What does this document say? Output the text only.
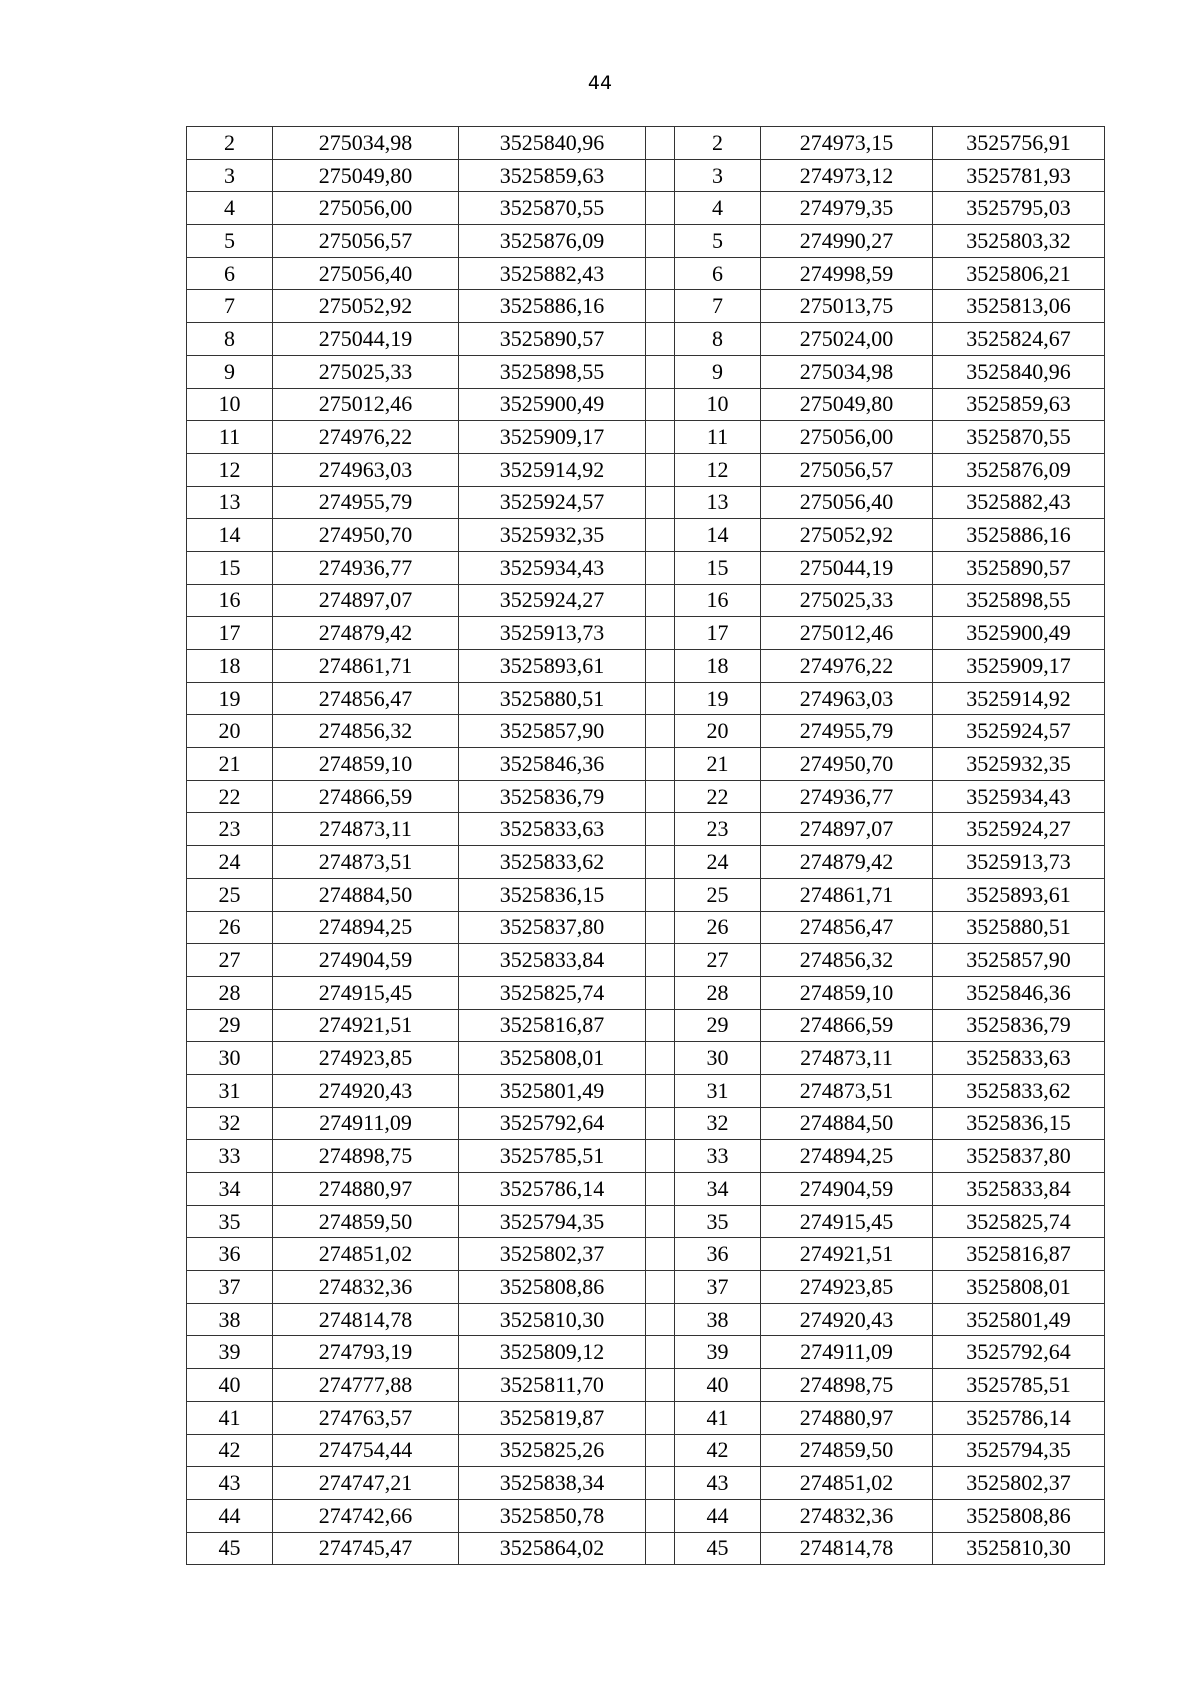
44
2	275034,98	3525840,96		2	274973,15	3525756,91
3	275049,80	3525859,63		3	274973,12	3525781,93
4	275056,00	3525870,55		4	274979,35	3525795,03
5	275056,57	3525876,09		5	274990,27	3525803,32
6	275056,40	3525882,43		6	274998,59	3525806,21
7	275052,92	3525886,16		7	275013,75	3525813,06
8	275044,19	3525890,57		8	275024,00	3525824,67
9	275025,33	3525898,55		9	275034,98	3525840,96
10	275012,46	3525900,49		10	275049,80	3525859,63
11	274976,22	3525909,17		11	275056,00	3525870,55
12	274963,03	3525914,92		12	275056,57	3525876,09
13	274955,79	3525924,57		13	275056,40	3525882,43
14	274950,70	3525932,35		14	275052,92	3525886,16
15	274936,77	3525934,43		15	275044,19	3525890,57
16	274897,07	3525924,27		16	275025,33	3525898,55
17	274879,42	3525913,73		17	275012,46	3525900,49
18	274861,71	3525893,61		18	274976,22	3525909,17
19	274856,47	3525880,51		19	274963,03	3525914,92
20	274856,32	3525857,90		20	274955,79	3525924,57
21	274859,10	3525846,36		21	274950,70	3525932,35
22	274866,59	3525836,79		22	274936,77	3525934,43
23	274873,11	3525833,63		23	274897,07	3525924,27
24	274873,51	3525833,62		24	274879,42	3525913,73
25	274884,50	3525836,15		25	274861,71	3525893,61
26	274894,25	3525837,80		26	274856,47	3525880,51
27	274904,59	3525833,84		27	274856,32	3525857,90
28	274915,45	3525825,74		28	274859,10	3525846,36
29	274921,51	3525816,87		29	274866,59	3525836,79
30	274923,85	3525808,01		30	274873,11	3525833,63
31	274920,43	3525801,49		31	274873,51	3525833,62
32	274911,09	3525792,64		32	274884,50	3525836,15
33	274898,75	3525785,51		33	274894,25	3525837,80
34	274880,97	3525786,14		34	274904,59	3525833,84
35	274859,50	3525794,35		35	274915,45	3525825,74
36	274851,02	3525802,37		36	274921,51	3525816,87
37	274832,36	3525808,86		37	274923,85	3525808,01
38	274814,78	3525810,30		38	274920,43	3525801,49
39	274793,19	3525809,12		39	274911,09	3525792,64
40	274777,88	3525811,70		40	274898,75	3525785,51
41	274763,57	3525819,87		41	274880,97	3525786,14
42	274754,44	3525825,26		42	274859,50	3525794,35
43	274747,21	3525838,34		43	274851,02	3525802,37
44	274742,66	3525850,78		44	274832,36	3525808,86
45	274745,47	3525864,02		45	274814,78	3525810,30
